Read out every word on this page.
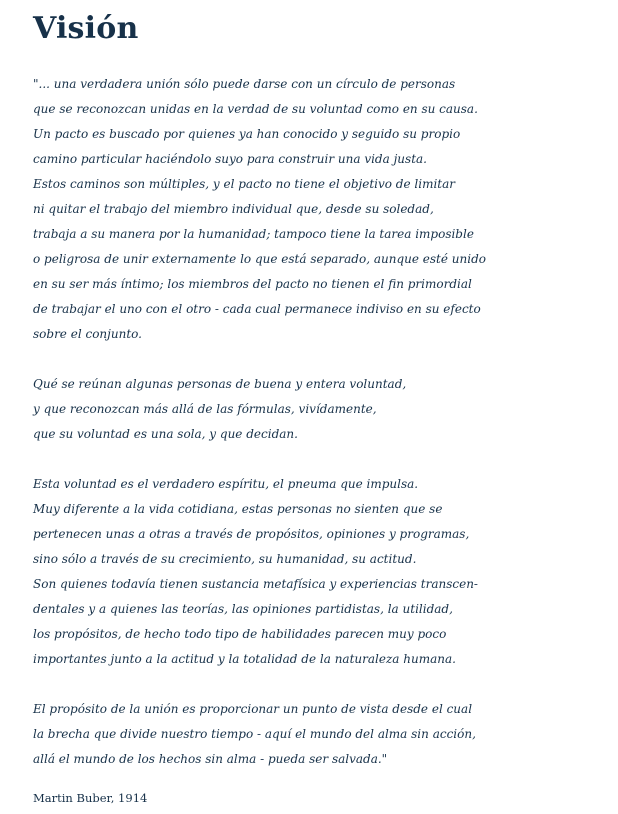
Visión

"... una verdadera unión sólo puede darse con un círculo de personas
que se reconozcan unidas en la verdad de su voluntad como en su causa.
Un pacto es buscado por quienes ya han conocido y seguido su propio
camino particular haciéndolo suyo para construir una vida justa.
Estos caminos son múltiples, y el pacto no tiene el objetivo de limitar
ni quitar el trabajo del miembro individual que, desde su soledad,
trabaja a su manera por la humanidad; tampoco tiene la tarea imposible
o peligrosa de unir externamente lo que está separado, aunque esté unido
en su ser más íntimo; los miembros del pacto no tienen el fin primordial
de trabajar el uno con el otro - cada cual permanece indiviso en su efecto
sobre el conjunto.

Qué se reúnan algunas personas de buena y entera voluntad,
y que reconozcan más allá de las fórmulas, vivídamente,
que su voluntad es una sola, y que decidan.

Esta voluntad es el verdadero espíritu, el pneuma que impulsa.
Muy diferente a la vida cotidiana, estas personas no sienten que se
pertenecen unas a otras a través de propósitos, opiniones y programas,
sino sólo a través de su crecimiento, su humanidad, su actitud.
Son quienes todavía tienen sustancia metafísica y experiencias transcen-
dentales y a quienes las teorías, las opiniones partidistas, la utilidad,
los propósitos, de hecho todo tipo de habilidades parecen muy poco
importantes junto a la actitud y la totalidad de la naturaleza humana.

El propósito de la unión es proporcionar un punto de vista desde el cual
la brecha que divide nuestro tiempo - aquí el mundo del alma sin acción,
allá el mundo de los hechos sin alma - pueda ser salvada."

Martin Buber, 1914
